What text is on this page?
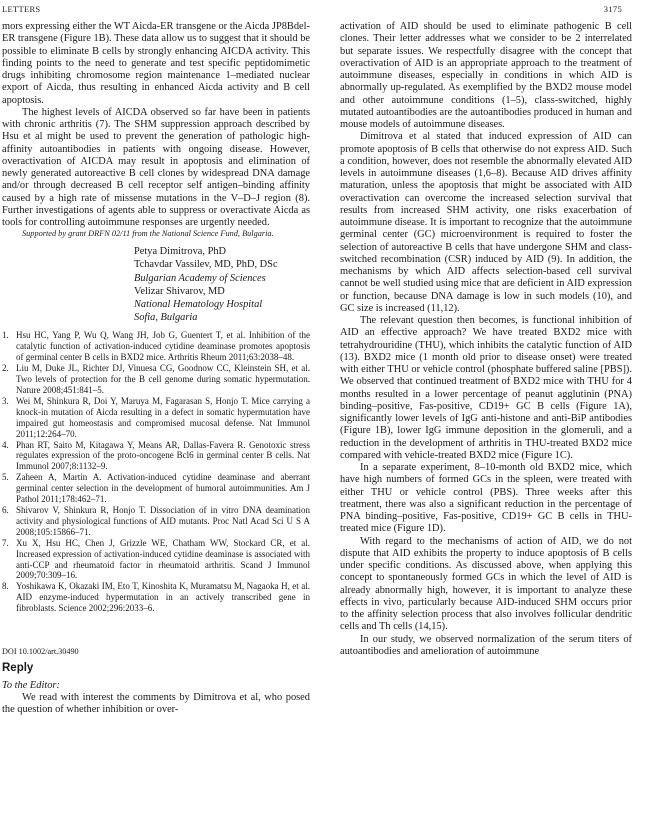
LETTERS	3175

mors expressing either the WT Aicda-ER transgene or the Aicda JP8Bdel-ER transgene (Figure 1B). These data allow us to suggest that it should be possible to eliminate B cells by strongly enhancing AICDA activity. This finding points to the need to generate and test specific peptidomimetic drugs inhibiting chromosome region maintenance 1–mediated nuclear export of Aicda, thus resulting in enhanced Aicda activity and B cell apoptosis.

The highest levels of AICDA observed so far have been in patients with chronic arthritis (7). The SHM suppression approach described by Hsu et al might be used to prevent the generation of pathologic high-affinity autoantibodies in patients with ongoing disease. However, overactivation of AICDA may result in apoptosis and elimination of newly generated autoreactive B cell clones by widespread DNA damage and/or through decreased B cell receptor self antigen–binding affinity caused by a high rate of missense mutations in the V–D–J region (8). Further investigations of agents able to suppress or overactivate Aicda as tools for controlling autoimmune responses are urgently needed.

Supported by grant DRFN 02/11 from the National Science Fund, Bulgaria.

Petya Dimitrova, PhD
Tchavdar Vassilev, MD, PhD, DSc
Bulgarian Academy of Sciences
Velizar Shivarov, MD
National Hematology Hospital
Sofia, Bulgaria
1. Hsu HC, Yang P, Wu Q, Wang JH, Job G, Guentert T, et al. Inhibition of the catalytic function of activation-induced cytidine deaminase promotes apoptosis of germinal center B cells in BXD2 mice. Arthritis Rheum 2011;63:2038–48.
2. Liu M, Duke JL, Richter DJ, Vinuesa CG, Goodnow CC, Kleinstein SH, et al. Two levels of protection for the B cell genome during somatic hypermutation. Nature 2008;451:841–5.
3. Wei M, Shinkura R, Doi Y, Maruya M, Fagarasan S, Honjo T. Mice carrying a knock-in mutation of Aicda resulting in a defect in somatic hypermutation have impaired gut homeostasis and compromised mucosal defense. Nat Immunol 2011;12:264–70.
4. Phan RT, Saito M, Kitagawa Y, Means AR, Dallas-Favera R. Genotoxic stress regulates expression of the proto-oncogene Bcl6 in germinal center B cells. Nat Immunol 2007;8:1132–9.
5. Zaheen A, Martin A. Activation-induced cytidine deaminase and aberrant germinal center selection in the development of humoral autoimmunities. Am J Pathol 2011;178:462–71.
6. Shivarov V, Shinkura R, Honjo T. Dissociation of in vitro DNA deamination activity and physiological functions of AID mutants. Proc Natl Acad Sci U S A 2008;105:15866–71.
7. Xu X, Hsu HC, Chen J, Grizzle WE, Chatham WW, Stockard CR, et al. Increased expression of activation-induced cytidine deaminase is associated with anti-CCP and rheumatoid factor in rheumatoid arthritis. Scand J Immunol 2009;70:309–16.
8. Yoshikawa K, Okazaki IM, Eto T, Kinoshita K, Muramatsu M, Nagaoka H, et al. AID enzyme-induced hypermutation in an actively transcribed gene in fibroblasts. Science 2002;296:2033–6.
DOI 10.1002/art.30490
Reply
To the Editor:

We read with interest the comments by Dimitrova et al, who posed the question of whether inhibition or over-

activation of AID should be used to eliminate pathogenic B cell clones. Their letter addresses what we consider to be 2 interrelated but separate issues. We respectfully disagree with the concept that overactivation of AID is an appropriate approach to the treatment of autoimmune diseases, especially in conditions in which AID is abnormally up-regulated. As exemplified by the BXD2 mouse model and other autoimmune conditions (1–5), class-switched, highly mutated autoantibodies are the autoantibodies produced in human and mouse models of autoimmune diseases.

Dimitrova et al stated that induced expression of AID can promote apoptosis of B cells that otherwise do not express AID. Such a condition, however, does not resemble the abnormally elevated AID levels in autoimmune diseases (1,6–8). Because AID drives affinity maturation, unless the apoptosis that might be associated with AID overactivation can overcome the increased selection survival that results from increased SHM activity, one risks exacerbation of autoimmune disease. It is important to recognize that the autoimmune germinal center (GC) microenvironment is required to foster the selection of autoreactive B cells that have undergone SHM and class-switched recombination (CSR) induced by AID (9). In addition, the mechanisms by which AID affects selection-based cell survival cannot be well studied using mice that are deficient in AID expression or function, because DNA damage is low in such models (10), and GC size is increased (11,12).

The relevant question then becomes, is functional inhibition of AID an effective approach? We have treated BXD2 mice with tetrahydrouridine (THU), which inhibits the catalytic function of AID (13). BXD2 mice (1 month old prior to disease onset) were treated with either THU or vehicle control (phosphate buffered saline [PBS]). We observed that continued treatment of BXD2 mice with THU for 4 months resulted in a lower percentage of peanut agglutinin (PNA) binding–positive, Fas-positive, CD19+ GC B cells (Figure 1A), significantly lower levels of IgG anti-histone and anti-BiP antibodies (Figure 1B), lower IgG immune deposition in the glomeruli, and a reduction in the development of arthritis in THU-treated BXD2 mice compared with vehicle-treated BXD2 mice (Figure 1C).

In a separate experiment, 8–10-month old BXD2 mice, which have high numbers of formed GCs in the spleen, were treated with either THU or vehicle control (PBS). Three weeks after this treatment, there was also a significant reduction in the percentage of PNA binding–positive, Fas-positive, CD19+ GC B cells in THU-treated mice (Figure 1D).

With regard to the mechanisms of action of AID, we do not dispute that AID exhibits the property to induce apoptosis of B cells under specific conditions. As discussed above, when applying this concept to spontaneously formed GCs in which the level of AID is already abnormally high, however, it is important to analyze these effects in vivo, particularly because AID-induced SHM occurs prior to the affinity selection process that also involves follicular dendritic cells and Th cells (14,15).

In our study, we observed normalization of the serum titers of autoantibodies and amelioration of autoimmune
